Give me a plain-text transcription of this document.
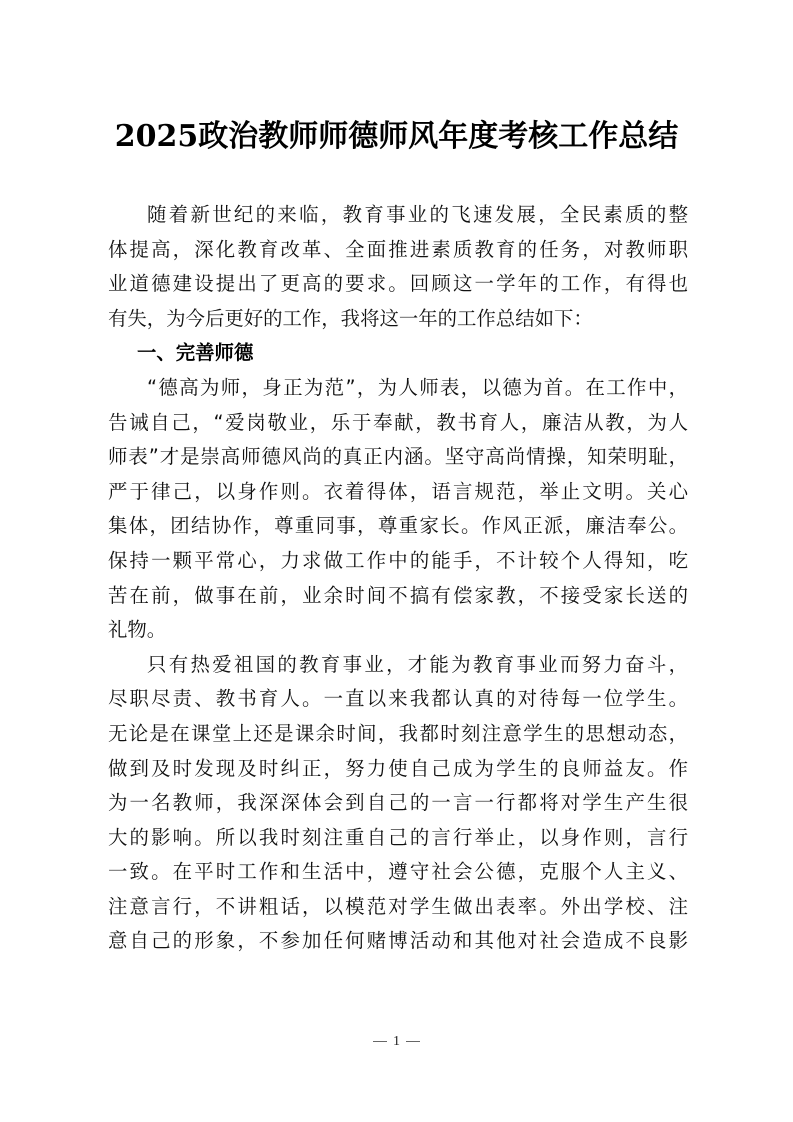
2025政治教师师德师风年度考核工作总结
随着新世纪的来临，教育事业的飞速发展，全民素质的整
体提高，深化教育改革、全面推进素质教育的任务，对教师职
业道德建设提出了更高的要求。回顾这一学年的工作，有得也
有失，为今后更好的工作，我将这一年的工作总结如下：
一、完善师德
“德高为师，身正为范”，为人师表，以德为首。在工作中，
告诫自己，“爱岗敬业，乐于奉献，教书育人，廉洁从教，为人
师表”才是崇高师德风尚的真正内涵。坚守高尚情操，知荣明耻，
严于律己，以身作则。衣着得体，语言规范，举止文明。关心
集体，团结协作，尊重同事，尊重家长。作风正派，廉洁奉公。
保持一颗平常心，力求做工作中的能手，不计较个人得知，吃
苦在前，做事在前，业余时间不搞有偿家教，不接受家长送的
礼物。
只有热爱祖国的教育事业，才能为教育事业而努力奋斗，
尽职尽责、教书育人。一直以来我都认真的对待每一位学生。
无论是在课堂上还是课余时间，我都时刻注意学生的思想动态，
做到及时发现及时纠正，努力使自己成为学生的良师益友。作
为一名教师，我深深体会到自己的一言一行都将对学生产生很
大的影响。所以我时刻注重自己的言行举止，以身作则，言行
一致。在平时工作和生活中，遵守社会公德，克服个人主义、
注意言行，不讲粗话，以模范对学生做出表率。外出学校、注
意自己的形象，不参加任何赌博活动和其他对社会造成不良影
1
